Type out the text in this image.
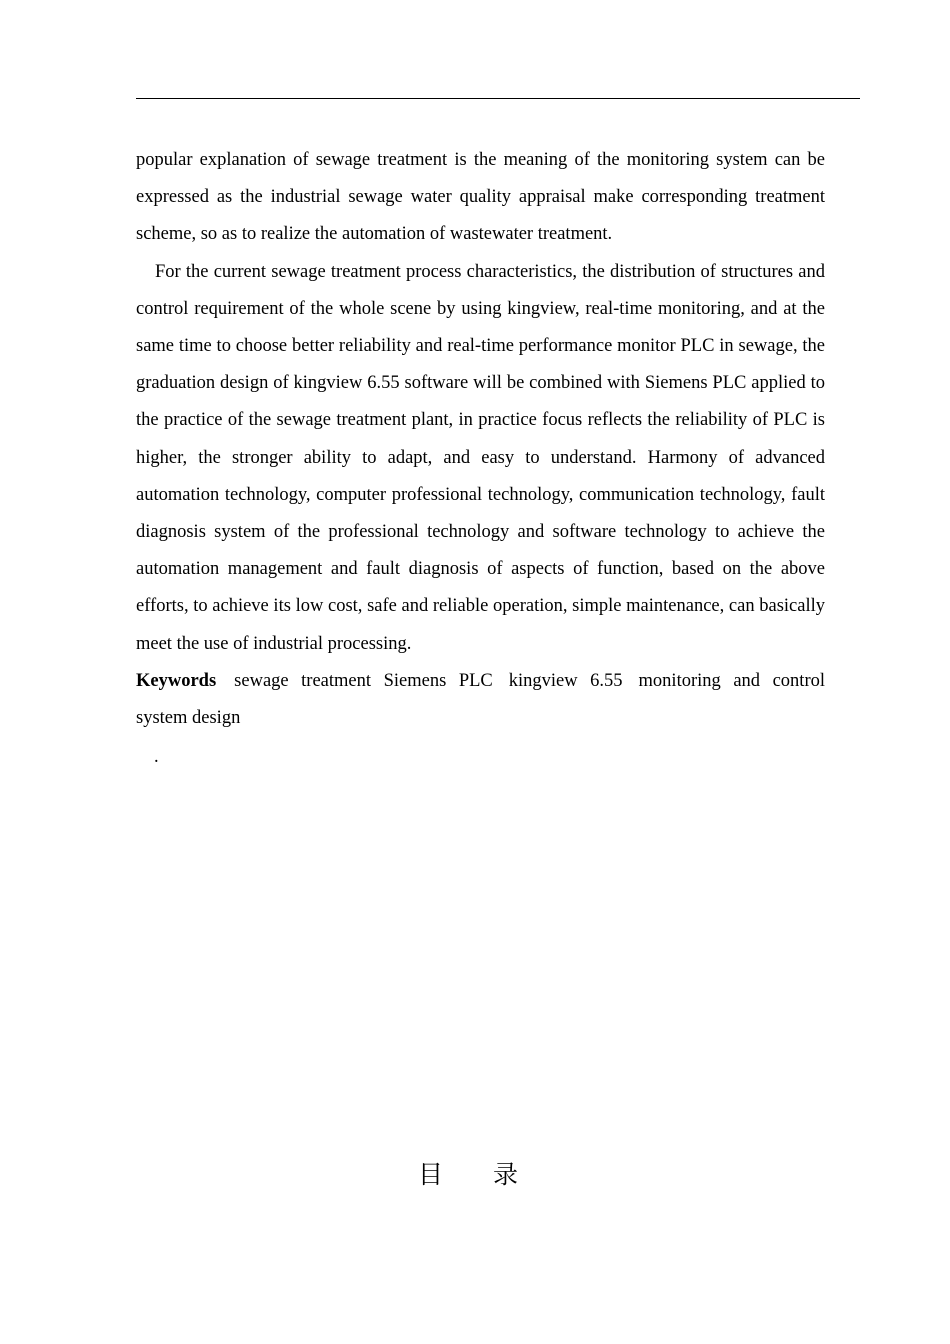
popular explanation of sewage treatment is the meaning of the monitoring system can be expressed as the industrial sewage water quality appraisal make corresponding treatment scheme, so as to realize the automation of wastewater treatment.

For the current sewage treatment process characteristics, the distribution of structures and control requirement of the whole scene by using kingview, real-time monitoring, and at the same time to choose better reliability and real-time performance monitor PLC in sewage, the graduation design of kingview 6.55 software will be combined with Siemens PLC applied to the practice of the sewage treatment plant, in practice focus reflects the reliability of PLC is higher, the stronger ability to adapt, and easy to understand. Harmony of advanced automation technology, computer professional technology, communication technology, fault diagnosis system of the professional technology and software technology to achieve the automation management and fault diagnosis of aspects of function, based on the above efforts, to achieve its low cost, safe and reliable operation, simple maintenance, can basically meet the use of industrial processing.

Keywords sewage treatment Siemens PLC kingview 6.55 monitoring and control system design

.

目录
